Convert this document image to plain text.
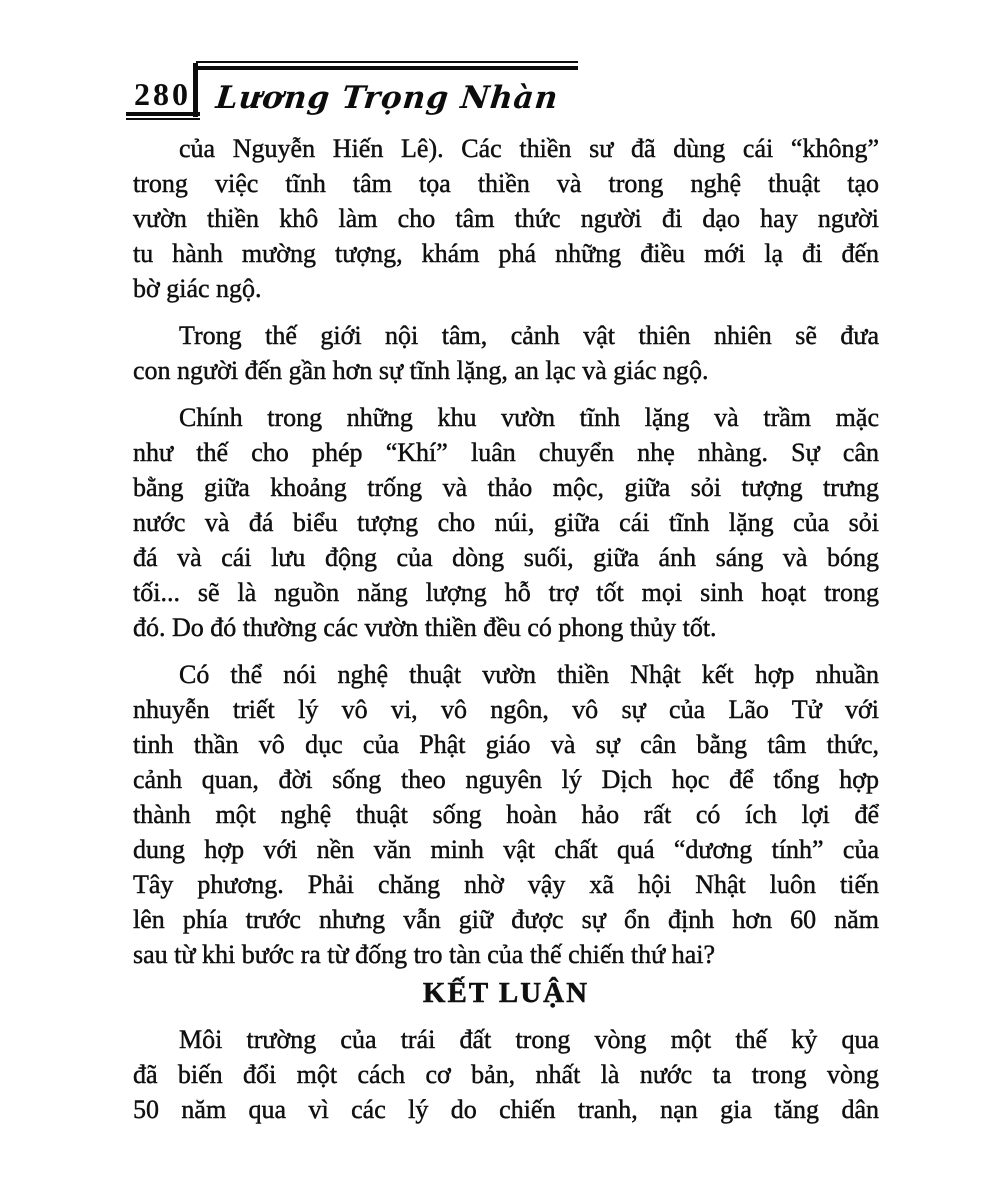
280 Lương Trọng Nhàn
của Nguyễn Hiến Lê). Các thiền sư đã dùng cái “không”
trong việc tĩnh tâm tọa thiền và trong nghệ thuật tạo
vườn thiền khô làm cho tâm thức người đi dạo hay người
tu hành mường tượng, khám phá những điều mới lạ đi đến
bờ giác ngộ.
Trong thế giới nội tâm, cảnh vật thiên nhiên sẽ đưa
con người đến gần hơn sự tĩnh lặng, an lạc và giác ngộ.
Chính trong những khu vườn tĩnh lặng và trầm mặc
như thế cho phép “Khí” luân chuyển nhẹ nhàng. Sự cân
bằng giữa khoảng trống và thảo mộc, giữa sỏi tượng trưng
nước và đá biểu tượng cho núi, giữa cái tĩnh lặng của sỏi
đá và cái lưu động của dòng suối, giữa ánh sáng và bóng
tối... sẽ là nguồn năng lượng hỗ trợ tốt mọi sinh hoạt trong
đó. Do đó thường các vườn thiền đều có phong thủy tốt.
Có thể nói nghệ thuật vườn thiền Nhật kết hợp nhuần
nhuyễn triết lý vô vi, vô ngôn, vô sự của Lão Tử với
tinh thần vô dục của Phật giáo và sự cân bằng tâm thức,
cảnh quan, đời sống theo nguyên lý Dịch học để tổng hợp
thành một nghệ thuật sống hoàn hảo rất có ích lợi để
dung hợp với nền văn minh vật chất quá “dương tính” của
Tây phương. Phải chăng nhờ vậy xã hội Nhật luôn tiến
lên phía trước nhưng vẫn giữ được sự ổn định hơn 60 năm
sau từ khi bước ra từ đống tro tàn của thế chiến thứ hai?
KẾT LUẬN
Môi trường của trái đất trong vòng một thế kỷ qua
đã biến đổi một cách cơ bản, nhất là nước ta trong vòng
50 năm qua vì các lý do chiến tranh, nạn gia tăng dân
